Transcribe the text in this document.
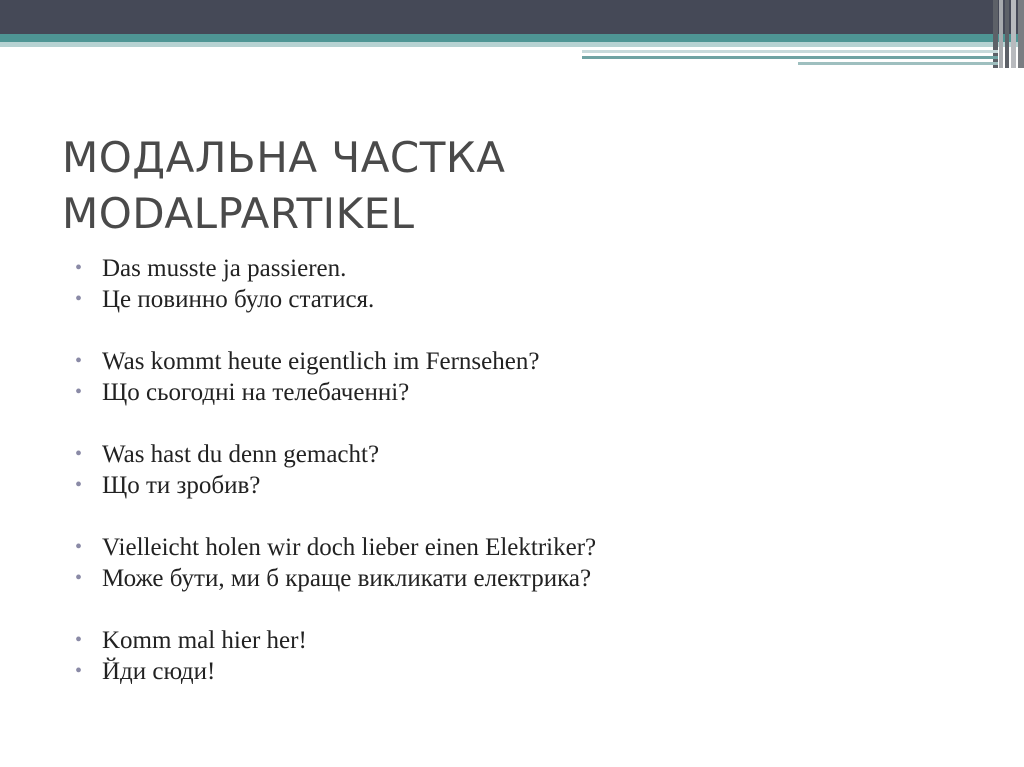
МОДАЛЬНА ЧАСТКА
MODALPARTIKEL
• Das musste ja passieren.
• Це повинно було статися.
• Was kommt heute eigentlich im Fernsehen?
• Що сьогодні на телебаченні?
• Was hast du denn gemacht?
• Що ти зробив?
• Vielleicht holen wir doch lieber einen Elektriker?
• Може бути, ми б краще викликати електрика?
• Komm mal hier her!
• Йди сюди!
